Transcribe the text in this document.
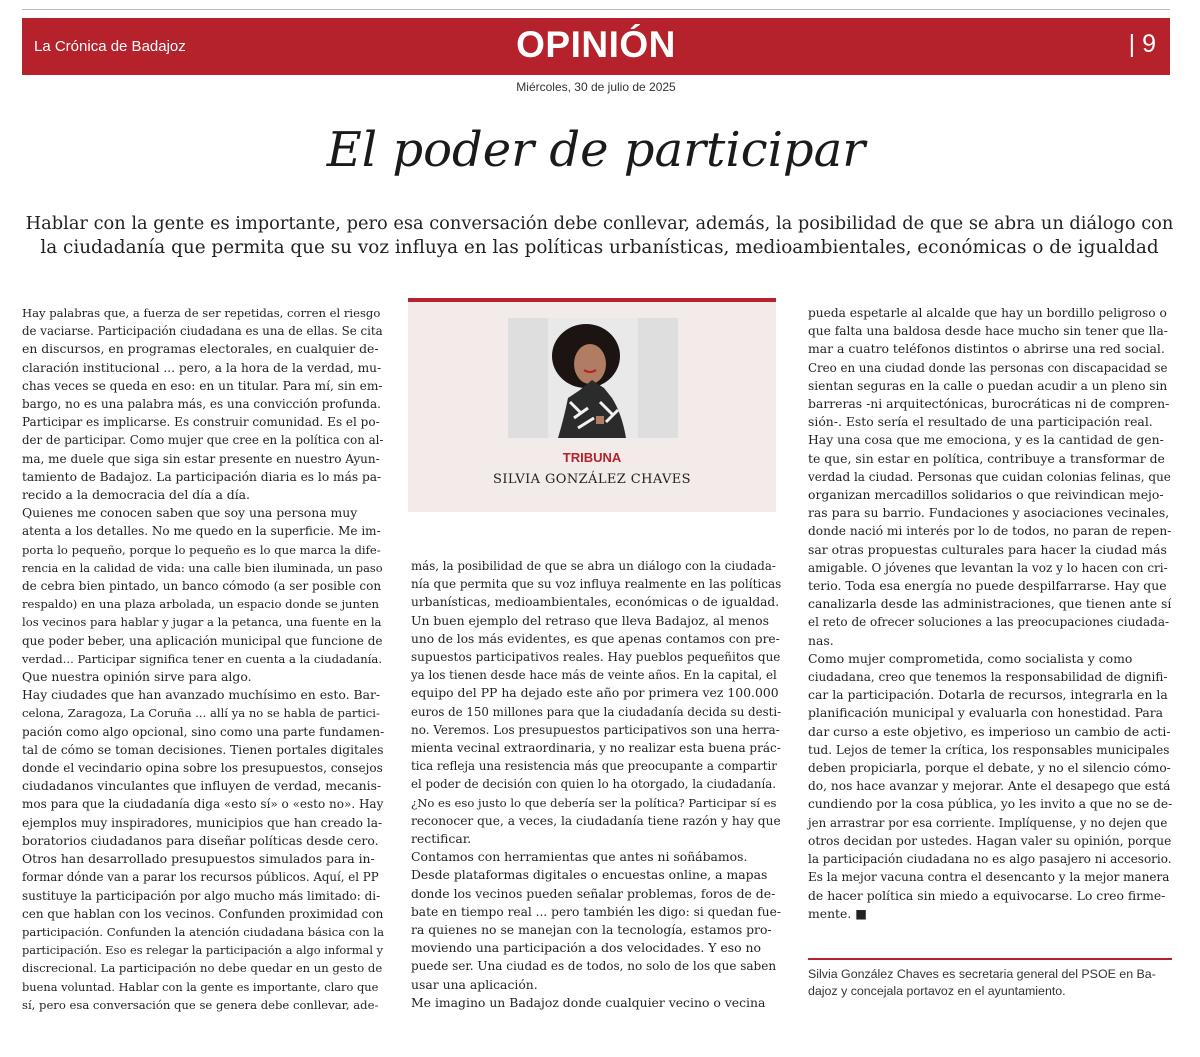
La Crónica de Badajoz	OPINIÓN	| 9
Miércoles, 30 de julio de 2025
El poder de participar
Hablar con la gente es importante, pero esa conversación debe conllevar, además, la posibilidad de que se abra un diálogo con
la ciudadanía que permita que su voz influya en las políticas urbanísticas, medioambientales, económicas o de igualdad

Hay palabras que, a fuerza de ser repetidas, corren el riesgo

de vaciarse. Participación ciudadana es una de ellas. Se cita

en discursos, en programas electorales, en cualquier de-

claración institucional ... pero, a la hora de la verdad, mu-

chas veces se queda en eso: en un titular. Para mí, sin em-

bargo, no es una palabra más, es una convicción profunda.

Participar es implicarse. Es construir comunidad. Es el po-

der de participar. Como mujer que cree en la política con al-

ma, me duele que siga sin estar presente en nuestro Ayun-

tamiento de Badajoz. La participación diaria es lo más pa-

recido a la democracia del día a día.

Quienes me conocen saben que soy una persona muy

atenta a los detalles. No me quedo en la superficie. Me im-

porta lo pequeño, porque lo pequeño es lo que marca la dife-

rencia en la calidad de vida: una calle bien iluminada, un paso

de cebra bien pintado, un banco cómodo (a ser posible con

respaldo) en una plaza arbolada, un espacio donde se junten

los vecinos para hablar y jugar a la petanca, una fuente en la

que poder beber, una aplicación municipal que funcione de

verdad... Participar significa tener en cuenta a la ciudadanía.

Que nuestra opinión sirve para algo.

Hay ciudades que han avanzado muchísimo en esto. Bar-

celona, Zaragoza, La Coruña ... allí ya no se habla de partici-

pación como algo opcional, sino como una parte fundamen-

tal de cómo se toman decisiones. Tienen portales digitales

donde el vecindario opina sobre los presupuestos, consejos

ciudadanos vinculantes que influyen de verdad, mecanis-

mos para que la ciudadanía diga «esto sí» o «esto no». Hay

ejemplos muy inspiradores, municipios que han creado la-

boratorios ciudadanos para diseñar políticas desde cero.

Otros han desarrollado presupuestos simulados para in-

formar dónde van a parar los recursos públicos. Aquí, el PP

sustituye la participación por algo mucho más limitado: di-

cen que hablan con los vecinos. Confunden proximidad con

participación. Confunden la atención ciudadana básica con la

participación. Eso es relegar la participación a algo informal y

discrecional. La participación no debe quedar en un gesto de

buena voluntad. Hablar con la gente es importante, claro que

sí, pero esa conversación que se genera debe conllevar, ade-

TRIBUNA
SILVIA GONZÁLEZ CHAVES

más, la posibilidad de que se abra un diálogo con la ciudada-

nía que permita que su voz influya realmente en las políticas

urbanísticas, medioambientales, económicas o de igualdad.

Un buen ejemplo del retraso que lleva Badajoz, al menos

uno de los más evidentes, es que apenas contamos con pre-

supuestos participativos reales. Hay pueblos pequeñitos que

ya los tienen desde hace más de veinte años. En la capital, el

equipo del PP ha dejado este año por primera vez 100.000

euros de 150 millones para que la ciudadanía decida su desti-

no. Veremos. Los presupuestos participativos son una herra-

mienta vecinal extraordinaria, y no realizar esta buena prác-

tica refleja una resistencia más que preocupante a compartir

el poder de decisión con quien lo ha otorgado, la ciudadanía.

¿No es eso justo lo que debería ser la política? Participar sí es

reconocer que, a veces, la ciudadanía tiene razón y hay que

rectificar.

Contamos con herramientas que antes ni soñábamos.

Desde plataformas digitales o encuestas online, a mapas

donde los vecinos pueden señalar problemas, foros de de-

bate en tiempo real ... pero también les digo: si quedan fue-

ra quienes no se manejan con la tecnología, estamos pro-

moviendo una participación a dos velocidades. Y eso no

puede ser. Una ciudad es de todos, no solo de los que saben

usar una aplicación.

Me imagino un Badajoz donde cualquier vecino o vecina

pueda espetarle al alcalde que hay un bordillo peligroso o

que falta una baldosa desde hace mucho sin tener que lla-

mar a cuatro teléfonos distintos o abrirse una red social.

Creo en una ciudad donde las personas con discapacidad se

sientan seguras en la calle o puedan acudir a un pleno sin

barreras -ni arquitectónicas, burocráticas ni de compren-

sión-. Esto sería el resultado de una participación real.

Hay una cosa que me emociona, y es la cantidad de gen-

te que, sin estar en política, contribuye a transformar de

verdad la ciudad. Personas que cuidan colonias felinas, que

organizan mercadillos solidarios o que reivindican mejo-

ras para su barrio. Fundaciones y asociaciones vecinales,

donde nació mi interés por lo de todos, no paran de repen-

sar otras propuestas culturales para hacer la ciudad más

amigable. O jóvenes que levantan la voz y lo hacen con cri-

terio. Toda esa energía no puede despilfarrarse. Hay que

canalizarla desde las administraciones, que tienen ante sí

el reto de ofrecer soluciones a las preocupaciones ciudada-

nas.

Como mujer comprometida, como socialista y como

ciudadana, creo que tenemos la responsabilidad de dignifi-

car la participación. Dotarla de recursos, integrarla en la

planificación municipal y evaluarla con honestidad. Para

dar curso a este objetivo, es imperioso un cambio de acti-

tud. Lejos de temer la crítica, los responsables municipales

deben propiciarla, porque el debate, y no el silencio cómo-

do, nos hace avanzar y mejorar. Ante el desapego que está

cundiendo por la cosa pública, yo les invito a que no se de-

jen arrastrar por esa corriente. Implíquense, y no dejen que

otros decidan por ustedes. Hagan valer su opinión, porque

la participación ciudadana no es algo pasajero ni accesorio.

Es la mejor vacuna contra el desencanto y la mejor manera

de hacer política sin miedo a equivocarse. Lo creo firme-

mente. ■

Silvia González Chaves es secretaria general del PSOE en Ba-

dajoz y concejala portavoz en el ayuntamiento.
